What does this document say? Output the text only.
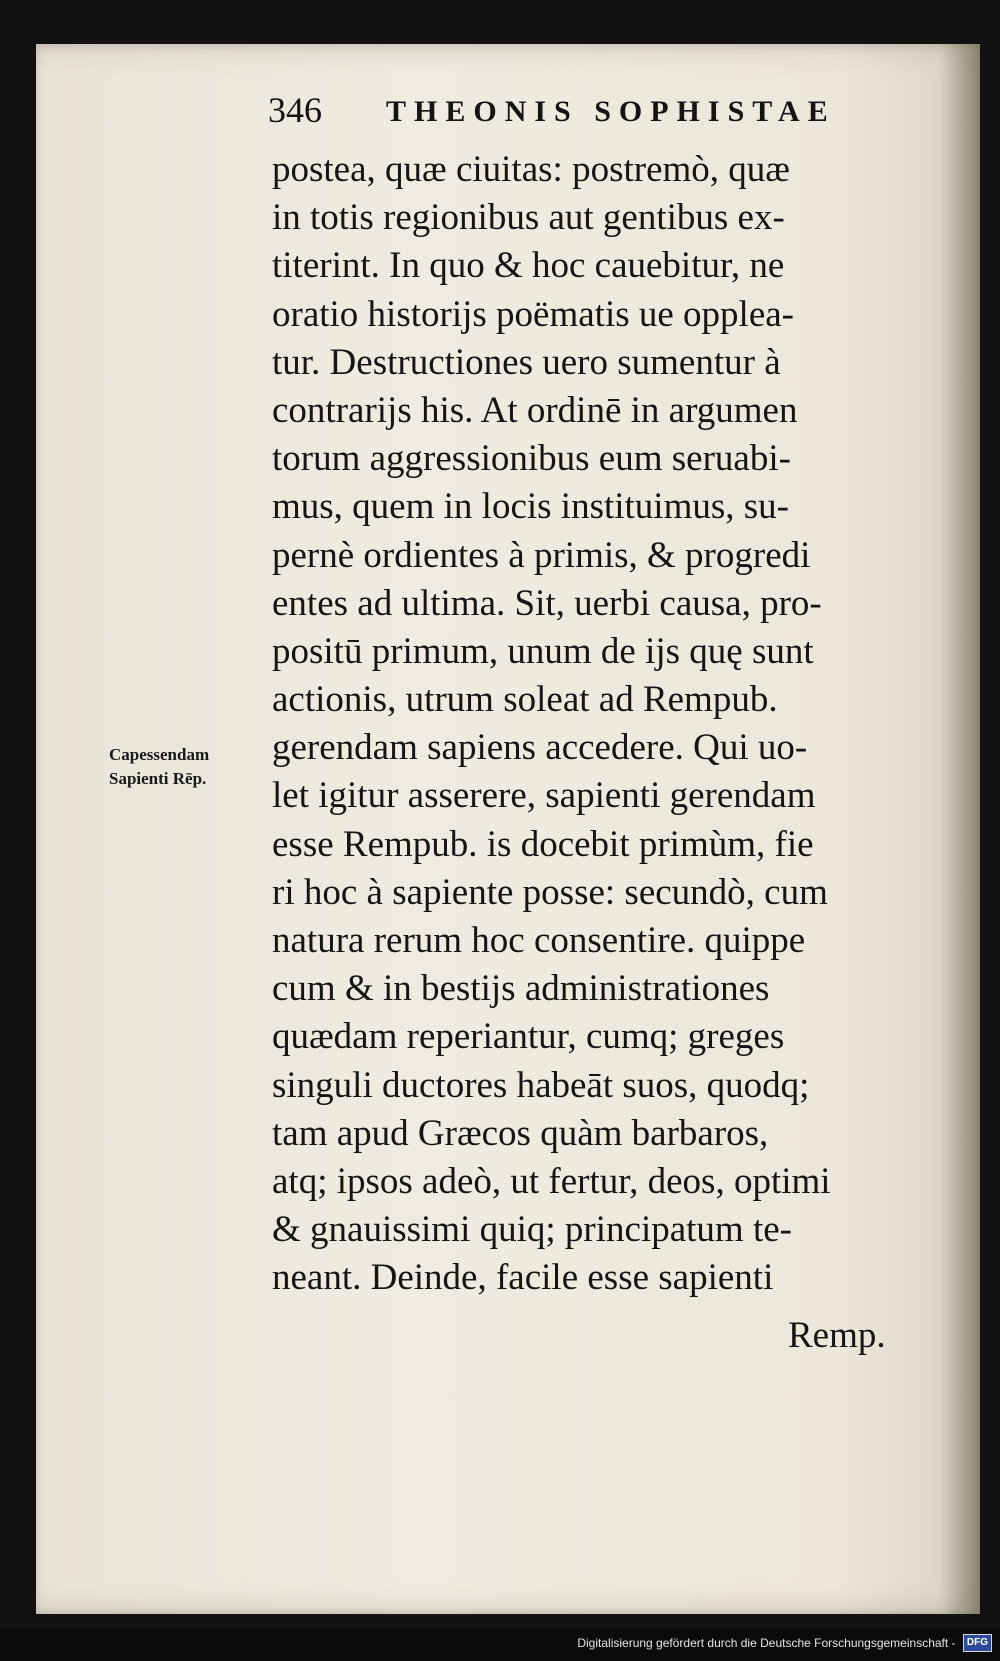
346 THEONIS SOPHISTAE
Capessendam
Sapienti Rēp.
postea, quæ ciuitas: postremò, quæ
in totis regionibus aut gentibus ex-
titerint. In quo & hoc cauebitur, ne
oratio historijs poëmatis ue oppleа-
tur. Destructiones uero sumentur à
contrarijs his. At ordinē in argumen
torum aggressionibus eum seruabi-
mus, quem in locis instituimus, su-
pernè ordientes à primis, & progredi
entes ad ultima. Sit, uerbi causa, pro-
positū primum, unum de ijs quę sunt
actionis, utrum soleat ad Rempub.
gerendam sapiens accedere. Qui uo-
let igitur asserere, sapienti gerendam
esse Rempub. is docebit primùm, fie
ri hoc à sapiente posse: secundò, cum
natura rerum hoc consentire. quippe
cum & in bestijs administrationes
quædam reperiantur, cumq; greges
singuli ductores habeāt suos, quodq;
tam apud Græcos quàm barbaros,
atq; ipsos adeò, ut fertur, deos, optimi
& gnauissimi quiq; principatum te-
neant. Deinde, facile esse sapienti
Remp.
Digitalisierung gefördert durch die Deutsche Forschungsgemeinschaft - DFG
